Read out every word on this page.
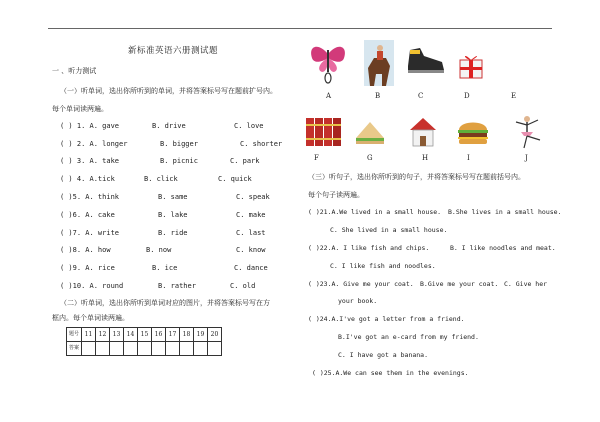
新标准英语六册测试题
一 、听力测试
（一）听单词，选出你所听到的单词，并将答案标号写在题前扩号内。
每个单词读两遍。
( ) 1. A. gave	B. drive	C. love
( ) 2. A. longer	B. bigger	C. shorter
( ) 3. A. take	B. picnic	C. park
( ) 4. A.tick	B. click	C. quick
( )5. A. think	B. same	C. speak
( )6. A. cake	B. lake	C. make
( )7. A. write	B. ride	C. last
( )8. A. how	B. now	C. know
( )9. A. rice	B. ice	C. dance
( )10. A. round	B. rather	C. old
（二）听单词，选出你所听到单词对应的图片，并将答案标号写在方
框内。每个单词读两遍。
题号	11	12	13	14	15	16	17	18	19	20
答案										
A	B	C	D	E
F	G	H	I	J
（三）听句子，选出你所听到的句子，并将答案标号写在题前括号内。
每个句子读两遍。
( )21.A.We lived in a small house. B.She lives in a small house.
C. She lived in a small house.
( )22.A. I like fish and chips.	B. I like noodles and meat.
C. I like fish and noodles.
( )23.A. Give me your coat. B.Give me your coat. C. Give her
your book.
( )24.A.I've got a letter from a friend.
B.I've got an e-card from my friend.
C. I have got a banana.
( )25.A.We can see them in the evenings.
